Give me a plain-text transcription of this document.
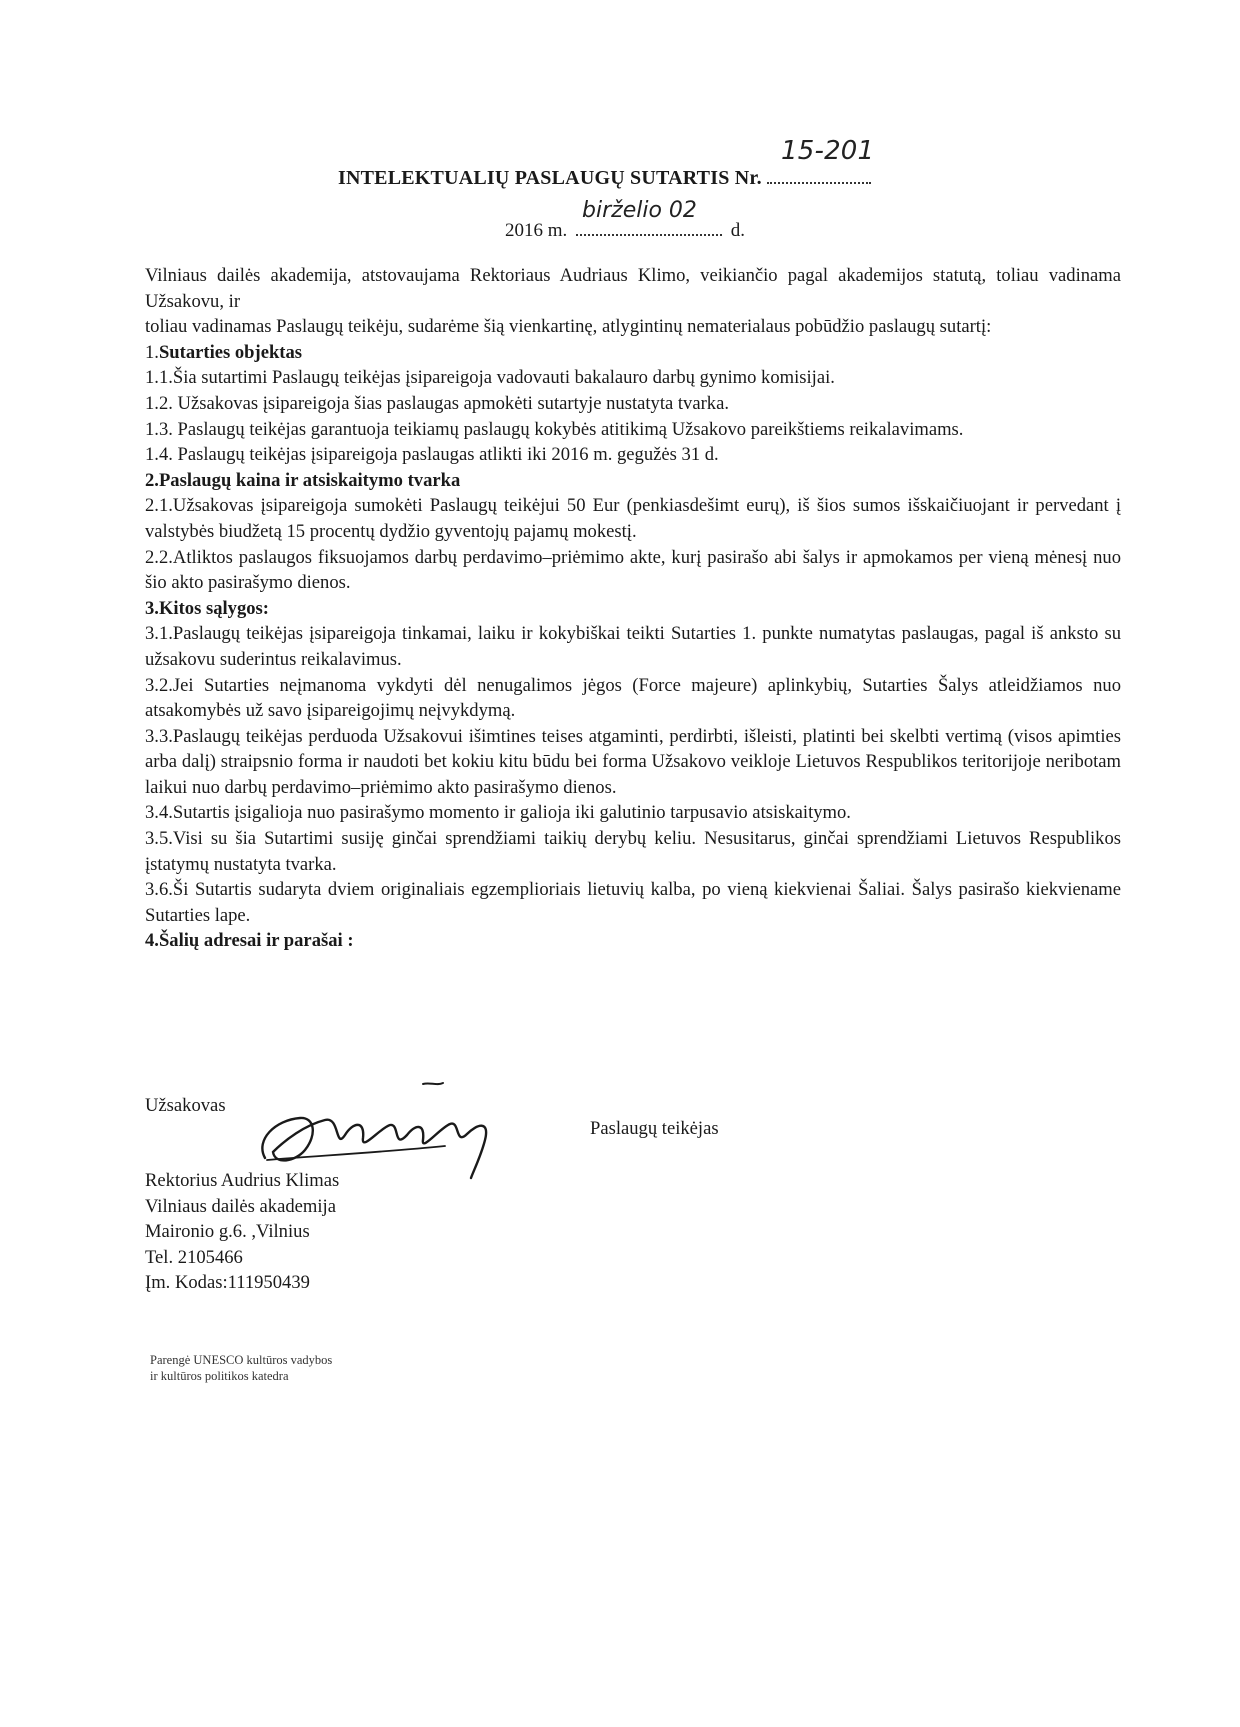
INTELEKTUALIŲ PASLAUGŲ SUTARTIS Nr.
15-201
2016 m.
birželio 02
d.

Vilniaus dailės akademija, atstovaujama Rektoriaus Audriaus Klimo, veikiančio pagal akademijos statutą, toliau vadinama Užsakovu, ir

toliau vadinamas Paslaugų teikėju, sudarėme šią vienkartinę, atlygintinų nematerialaus pobūdžio paslaugų sutartį:

1.Sutarties objektas

1.1.Šia sutartimi Paslaugų teikėjas įsipareigoja vadovauti bakalauro darbų gynimo komisijai.

1.2. Užsakovas įsipareigoja šias paslaugas apmokėti sutartyje nustatyta tvarka.

1.3. Paslaugų teikėjas garantuoja teikiamų paslaugų kokybės atitikimą Užsakovo pareikštiems reikalavimams.

1.4. Paslaugų teikėjas įsipareigoja paslaugas atlikti iki 2016 m. gegužės 31 d.

2.Paslaugų kaina ir atsiskaitymo tvarka

2.1.Užsakovas įsipareigoja sumokėti Paslaugų teikėjui 50 Eur (penkiasdešimt eurų), iš šios sumos išskaičiuojant ir pervedant į valstybės biudžetą 15 procentų dydžio gyventojų pajamų mokestį.

2.2.Atliktos paslaugos fiksuojamos darbų perdavimo–priėmimo akte, kurį pasirašo abi šalys ir apmokamos per vieną mėnesį nuo šio akto pasirašymo dienos.

3.Kitos sąlygos:

3.1.Paslaugų teikėjas įsipareigoja tinkamai, laiku ir kokybiškai teikti Sutarties 1. punkte numatytas paslaugas, pagal iš anksto su užsakovu suderintus reikalavimus.

3.2.Jei Sutarties neįmanoma vykdyti dėl nenugalimos jėgos (Force majeure) aplinkybių, Sutarties Šalys atleidžiamos nuo atsakomybės už savo įsipareigojimų neįvykdymą.

3.3.Paslaugų teikėjas perduoda Užsakovui išimtines teises atgaminti, perdirbti, išleisti, platinti bei skelbti vertimą (visos apimties arba dalį) straipsnio forma ir naudoti bet kokiu kitu būdu bei forma Užsakovo veikloje Lietuvos Respublikos teritorijoje neribotam laikui nuo darbų perdavimo–priėmimo akto pasirašymo dienos.

3.4.Sutartis įsigalioja nuo pasirašymo momento ir galioja iki galutinio tarpusavio atsiskaitymo.

3.5.Visi su šia Sutartimi susiję ginčai sprendžiami taikių derybų keliu. Nesusitarus, ginčai sprendžiami Lietuvos Respublikos įstatymų nustatyta tvarka.

3.6.Ši Sutartis sudaryta dviem originaliais egzemplioriais lietuvių kalba, po vieną kiekvienai Šaliai. Šalys pasirašo kiekviename Sutarties lape.

4.Šalių adresai ir parašai :

Užsakovas
Paslaugų teikėjas
Rektorius Audrius Klimas
Vilniaus dailės akademija
Maironio g.6. ,Vilnius
Tel. 2105466
Įm. Kodas:111950439
Parengė UNESCO kultūros vadybos
ir kultūros politikos katedra
